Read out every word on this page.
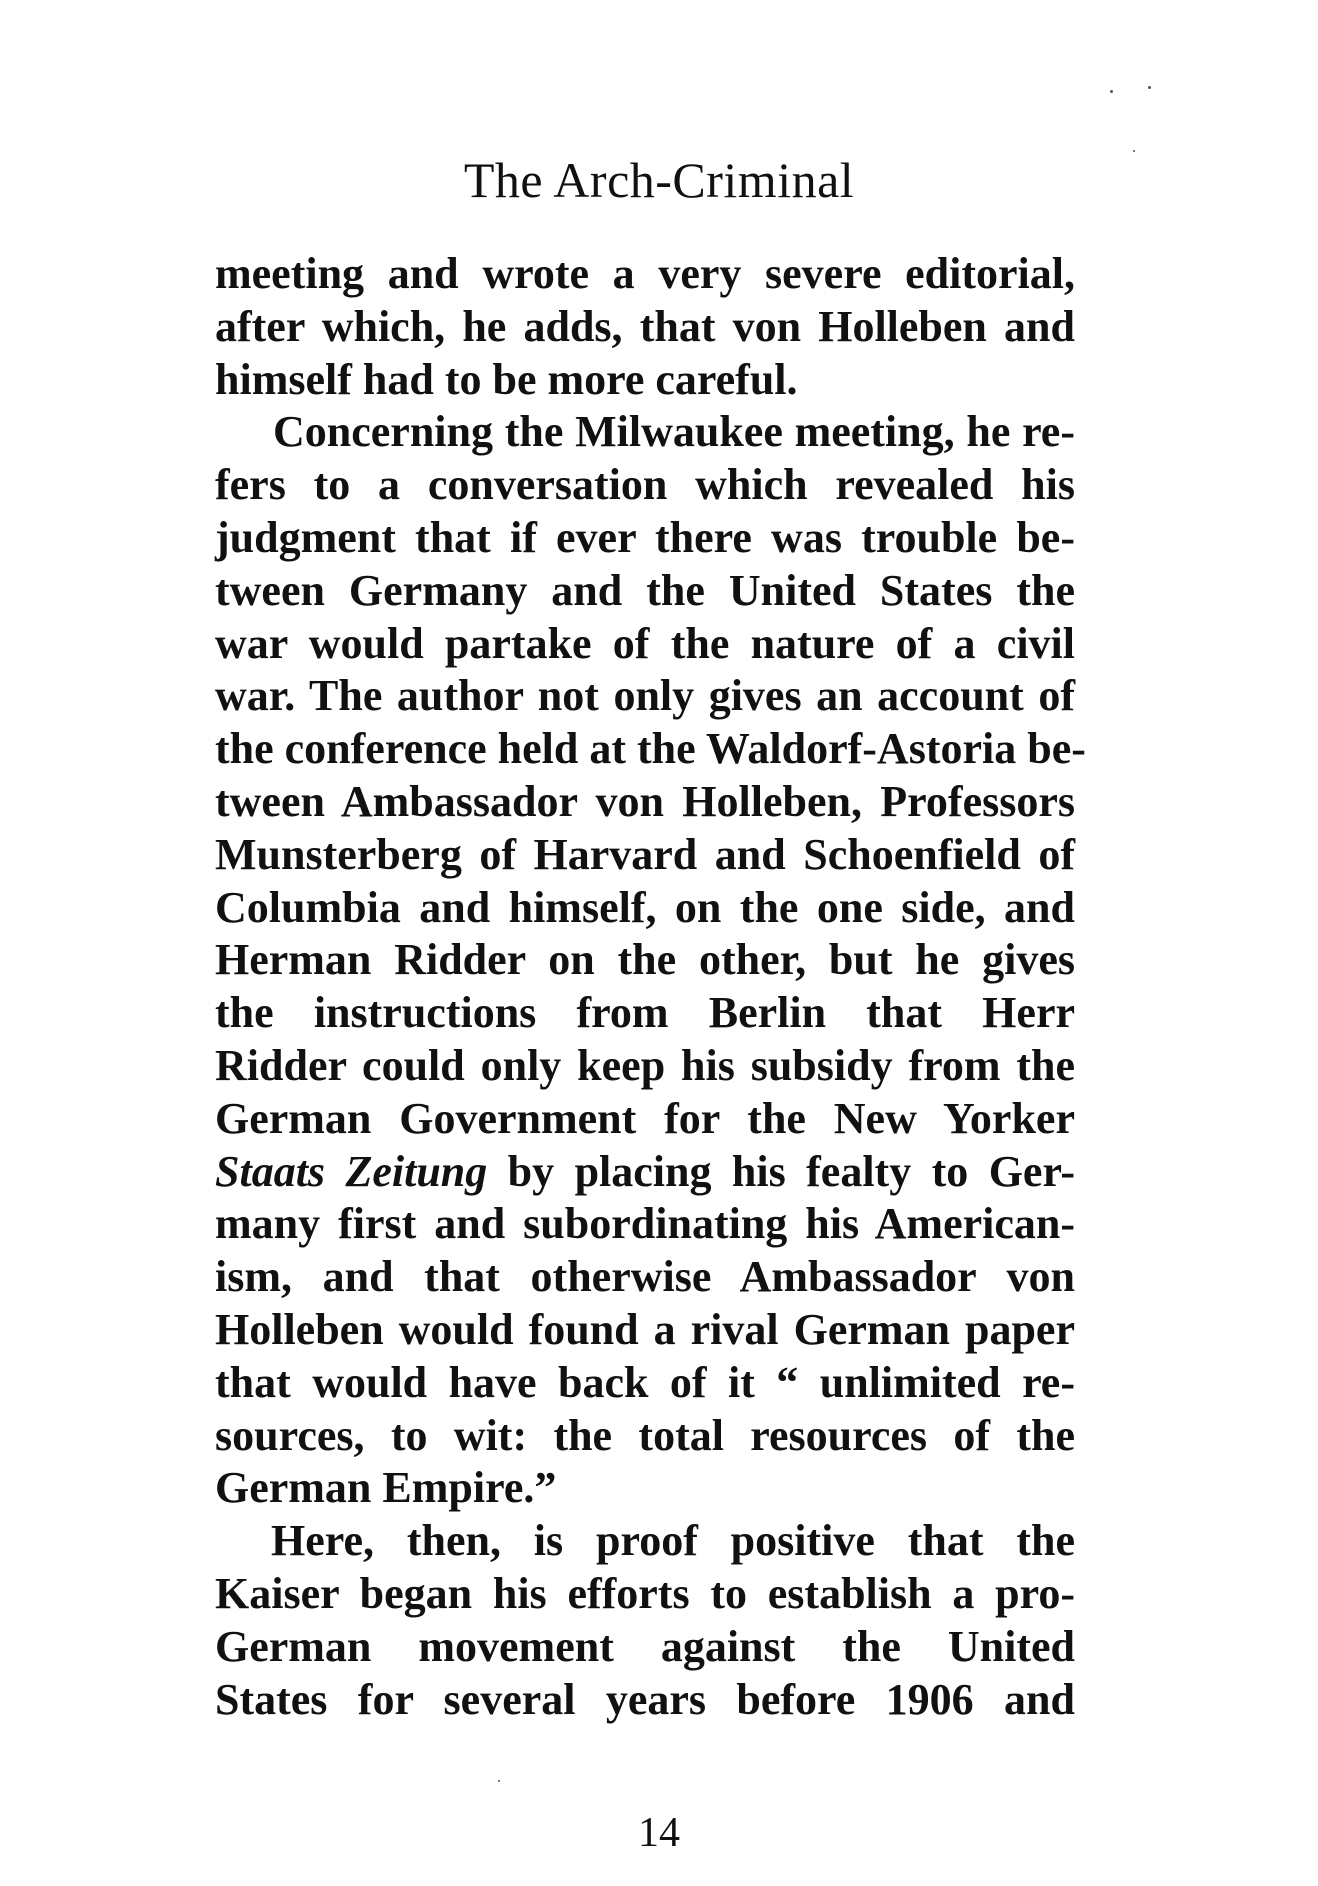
The Arch-Criminal
meeting and wrote a very severe editorial,
after which, he adds, that von Holleben and
himself had to be more careful.
Concerning the Milwaukee meeting, he re-
fers to a conversation which revealed his
judgment that if ever there was trouble be-
tween Germany and the United States the
war would partake of the nature of a civil
war. The author not only gives an account of
the conference held at the Waldorf-Astoria be-
tween Ambassador von Holleben, Professors
Munsterberg of Harvard and Schoenfield of
Columbia and himself, on the one side, and
Herman Ridder on the other, but he gives
the instructions from Berlin that Herr
Ridder could only keep his subsidy from the
German Government for the New Yorker
Staats Zeitung by placing his fealty to Ger-
many first and subordinating his American-
ism, and that otherwise Ambassador von
Holleben would found a rival German paper
that would have back of it “ unlimited re-
sources, to wit: the total resources of the
German Empire.”
Here, then, is proof positive that the
Kaiser began his efforts to establish a pro-
German movement against the United
States for several years before 1906 and
14
